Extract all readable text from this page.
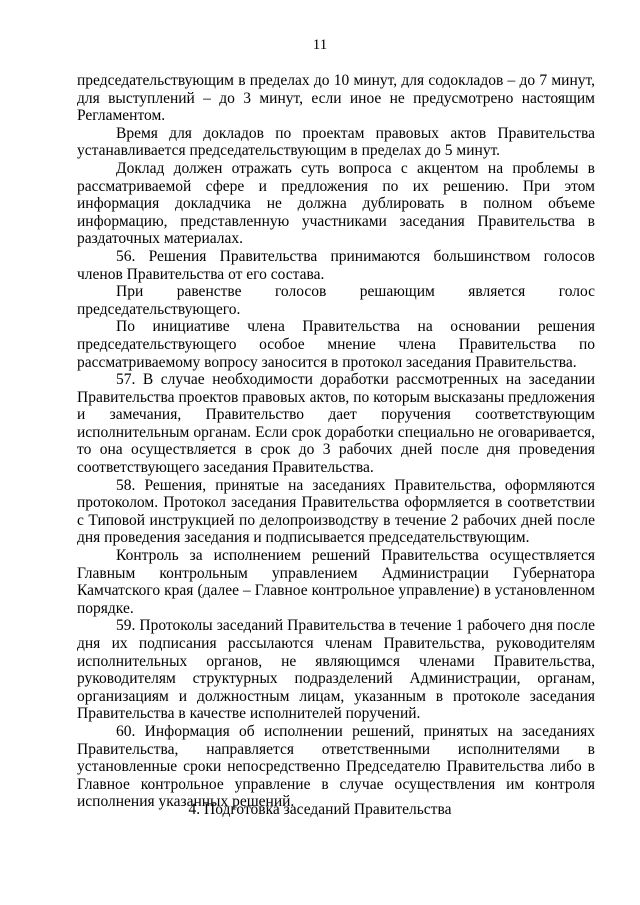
11

председательствующим в пределах до 10 минут, для содокладов – до 7 минут, для выступлений – до 3 минут, если иное не предусмотрено настоящим Регламентом.

Время для докладов по проектам правовых актов Правительства устанавливается председательствующим в пределах до 5 минут.

Доклад должен отражать суть вопроса с акцентом на проблемы в рассматриваемой сфере и предложения по их решению. При этом информация докладчика не должна дублировать в полном объеме информацию, представленную участниками заседания Правительства в раздаточных материалах.

56. Решения Правительства принимаются большинством голосов членов Правительства от его состава.

При равенстве голосов решающим является голос председательствующего.

По инициативе члена Правительства на основании решения председательствующего особое мнение члена Правительства по рассматриваемому вопросу заносится в протокол заседания Правительства.

57. В случае необходимости доработки рассмотренных на заседании Правительства проектов правовых актов, по которым высказаны предложения и замечания, Правительство дает поручения соответствующим исполнительным органам. Если срок доработки специально не оговаривается, то она осуществляется в срок до 3 рабочих дней после дня проведения соответствующего заседания Правительства.

58. Решения, принятые на заседаниях Правительства, оформляются протоколом. Протокол заседания Правительства оформляется в соответствии с Типовой инструкцией по делопроизводству в течение 2 рабочих дней после дня проведения заседания и подписывается председательствующим.

Контроль за исполнением решений Правительства осуществляется Главным контрольным управлением Администрации Губернатора Камчатского края (далее – Главное контрольное управление) в установленном порядке.

59. Протоколы заседаний Правительства в течение 1 рабочего дня после дня их подписания рассылаются членам Правительства, руководителям исполнительных органов, не являющимся членами Правительства, руководителям структурных подразделений Администрации, органам, организациям и должностным лицам, указанным в протоколе заседания Правительства в качестве исполнителей поручений.

60. Информация об исполнении решений, принятых на заседаниях Правительства, направляется ответственными исполнителями в установленные сроки непосредственно Председателю Правительства либо в Главное контрольное управление в случае осуществления им контроля исполнения указанных решений.

4. Подготовка заседаний Правительства
